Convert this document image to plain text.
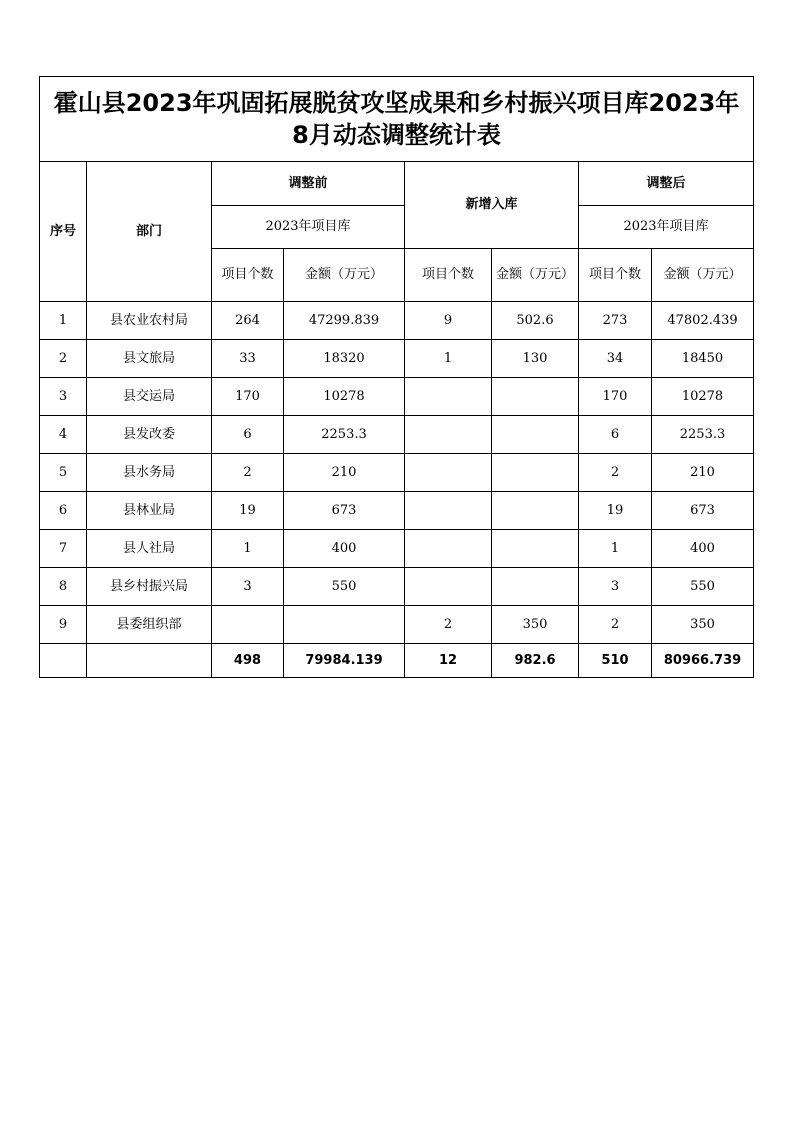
霍山县2023年巩固拓展脱贫攻坚成果和乡村振兴项目库2023年8月动态调整统计表							
序号	部门	调整前		新增入库		调整后	
		2023年项目库				2023年项目库	
		项目个数	金额（万元）	项目个数	金额（万元）	项目个数	金额（万元）
1	县农业农村局	264	47299.839	9	502.6	273	47802.439
2	县文旅局	33	18320	1	130	34	18450
3	县交运局	170	10278			170	10278
4	县发改委	6	2253.3			6	2253.3
5	县水务局	2	210			2	210
6	县林业局	19	673			19	673
7	县人社局	1	400			1	400
8	县乡村振兴局	3	550			3	550
9	县委组织部			2	350	2	350
		498	79984.139	12	982.6	510	80966.739
